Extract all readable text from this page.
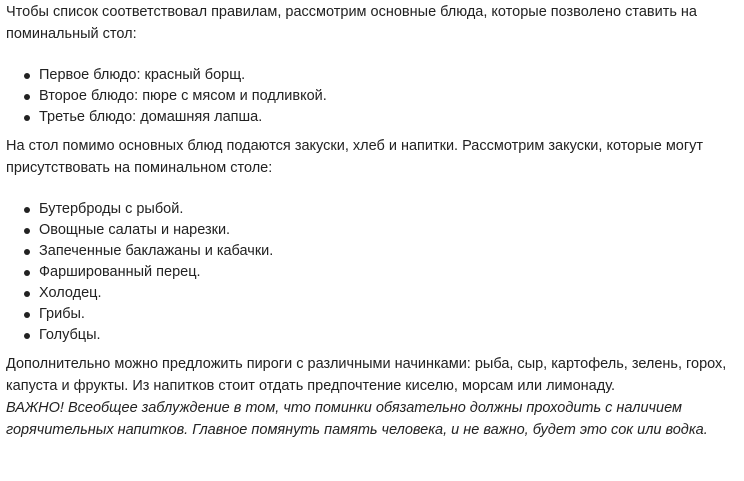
Чтобы список соответствовал правилам, рассмотрим основные блюда, которые позволено ставить на поминальный стол:

Первое блюдо: красный борщ.
Второе блюдо: пюре с мясом и подливкой.
Третье блюдо: домашняя лапша.

На стол помимо основных блюд подаются закуски, хлеб и напитки. Рассмотрим закуски, которые могут присутствовать на поминальном столе:

Бутерброды с рыбой.
Овощные салаты и нарезки.
Запеченные баклажаны и кабачки.
Фаршированный перец.
Холодец.
Грибы.
Голубцы.

Дополнительно можно предложить пироги с различными начинками: рыба, сыр, картофель, зелень, горох, капуста и фрукты. Из напитков стоит отдать предпочтение киселю, морсам или лимонаду.

ВАЖНО! Всеобщее заблуждение в том, что поминки обязательно должны проходить с наличием горячительных напитков. Главное помянуть память человека, и не важно, будет это сок или водка.
